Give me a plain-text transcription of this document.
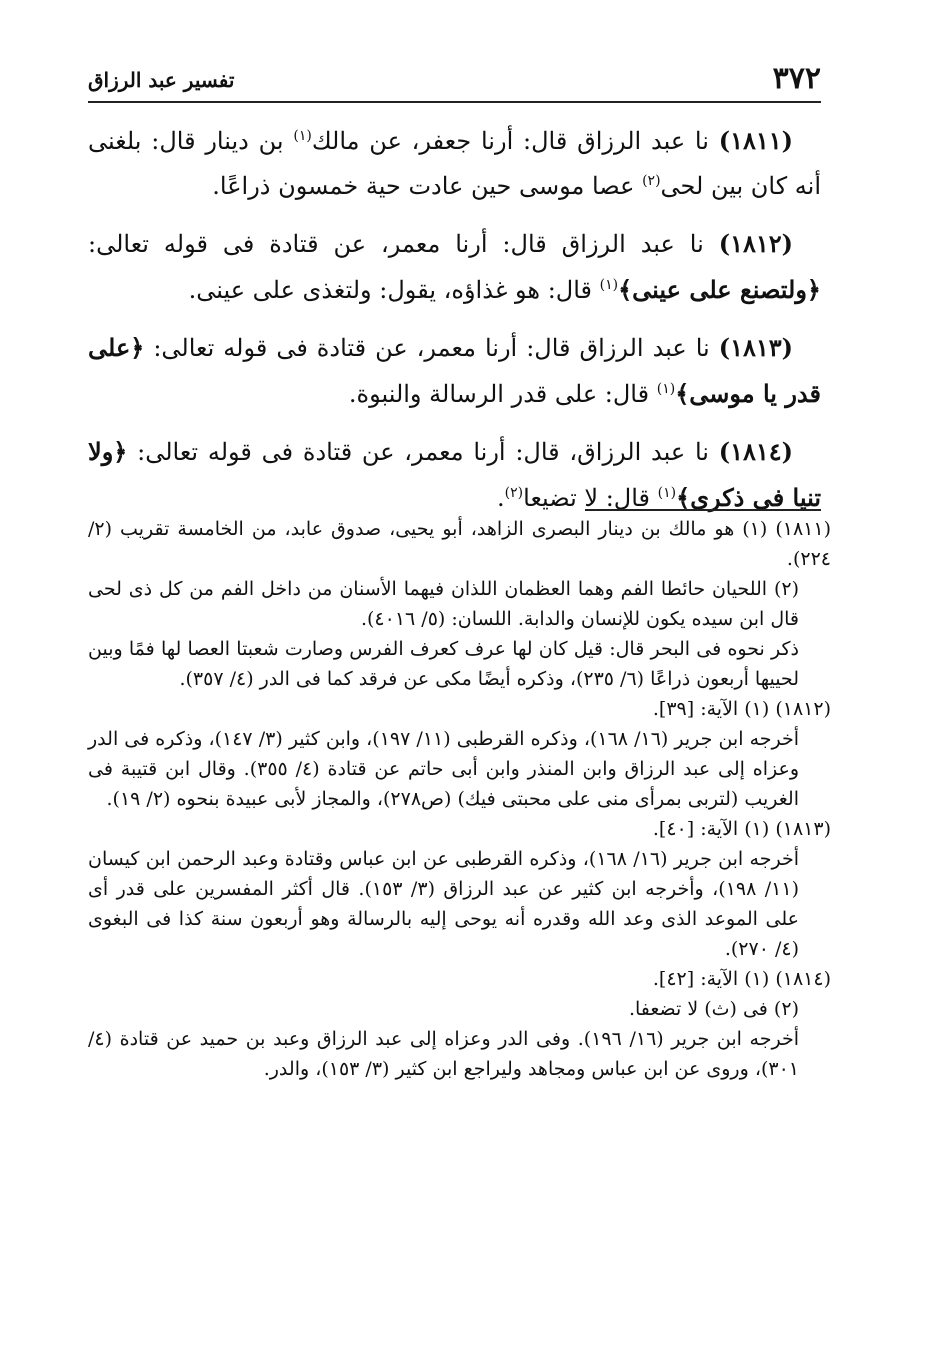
٣٧٢
تفسير عبد الرزاق

(١٨١١) نا عبد الرزاق قال: أرنا جعفر، عن مالك$^{(١)}$ بن دينار قال: بلغنى أنه كان بين لحى$^{(٢)}$ عصا موسى حين عادت حية خمسون ذراعًا.

(١٨١٢) نا عبد الرزاق قال: أرنا معمر، عن قتادة فى قوله تعالى: ﴿ولتصنع على عينى﴾$^{(١)}$ قال: هو غذاؤه، يقول: ولتغذى على عينى.

(١٨١٣) نا عبد الرزاق قال: أرنا معمر، عن قتادة فى قوله تعالى: ﴿على قدر يا موسى﴾$^{(١)}$ قال: على قدر الرسالة والنبوة.

(١٨١٤) نا عبد الرزاق، قال: أرنا معمر، عن قتادة فى قوله تعالى: ﴿ولا تنيا فى ذكرى﴾$^{(١)}$ قال: لا تضيعا$^{(٢)}$.

(١٨١١) (١) هو مالك بن دينار البصرى الزاهد، أبو يحيى، صدوق عابد، من الخامسة تقريب (٢/ ٢٢٤).

(٢) اللحيان حائطا الفم وهما العظمان اللذان فيهما الأسنان من داخل الفم من كل ذى لحى قال ابن سيده يكون للإنسان والدابة. اللسان: (٥/ ٤٠١٦).

ذكر نحوه فى البحر قال: قيل كان لها عرف كعرف الفرس وصارت شعبتا العصا لها فمًا وبين لحييها أربعون ذراعًا (٦/ ٢٣٥)، وذكره أيضًا مكى عن فرقد كما فى الدر (٤/ ٣٥٧).

(١٨١٢) (١) الآية: [٣٩].

أخرجه ابن جرير (١٦/ ١٦٨)، وذكره القرطبى (١١/ ١٩٧)، وابن كثير (٣/ ١٤٧)، وذكره فى الدر وعزاه إلى عبد الرزاق وابن المنذر وابن أبى حاتم عن قتادة (٤/ ٣٥٥). وقال ابن قتيبة فى الغريب (لتربى بمرأى منى على محبتى فيك) (ص٢٧٨)، والمجاز لأبى عبيدة بنحوه (٢/ ١٩).

(١٨١٣) (١) الآية: [٤٠].

أخرجه ابن جرير (١٦/ ١٦٨)، وذكره القرطبى عن ابن عباس وقتادة وعبد الرحمن ابن كيسان (١١/ ١٩٨)، وأخرجه ابن كثير عن عبد الرزاق (٣/ ١٥٣). قال أكثر المفسرين على قدر أى على الموعد الذى وعد الله وقدره أنه يوحى إليه بالرسالة وهو أربعون سنة كذا فى البغوى (٤/ ٢٧٠).

(١٨١٤) (١) الآية: [٤٢].

(٢) فى (ث) لا تضعفا.

أخرجه ابن جرير (١٦/ ١٩٦). وفى الدر وعزاه إلى عبد الرزاق وعبد بن حميد عن قتادة (٤/ ٣٠١)، وروى عن ابن عباس ومجاهد وليراجع ابن كثير (٣/ ١٥٣)، والدر.
